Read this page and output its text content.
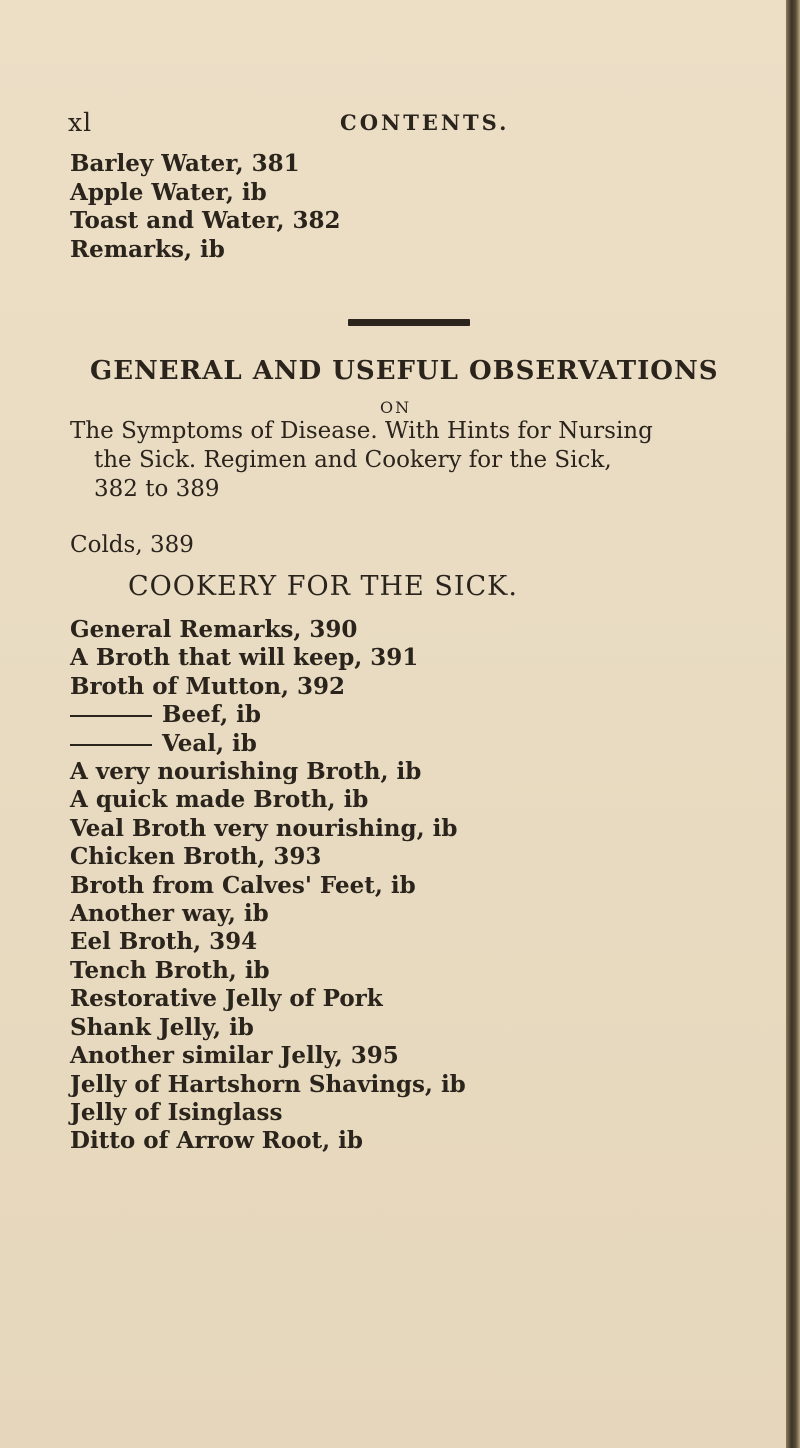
xl	CONTENTS.
Barley Water, 381
Apple Water, ib
Toast and Water, 382
Remarks, ib
GENERAL AND USEFUL OBSERVATIONS
ON
The Symptoms of Disease. With Hints for Nursing
the Sick. Regimen and Cookery for the Sick,
382 to 389
Colds, 389
COOKERY FOR THE SICK.
General Remarks, 390
A Broth that will keep, 391
Broth of Mutton, 392
Beef, ib
Veal, ib
A very nourishing Broth, ib
A quick made Broth, ib
Veal Broth very nourishing, ib
Chicken Broth, 393
Broth from Calves' Feet, ib
Another way, ib
Eel Broth, 394
Tench Broth, ib
Restorative Jelly of Pork
Shank Jelly, ib
Another similar Jelly, 395
Jelly of Hartshorn Shavings, ib
Jelly of Isinglass
Ditto of Arrow Root, ib
